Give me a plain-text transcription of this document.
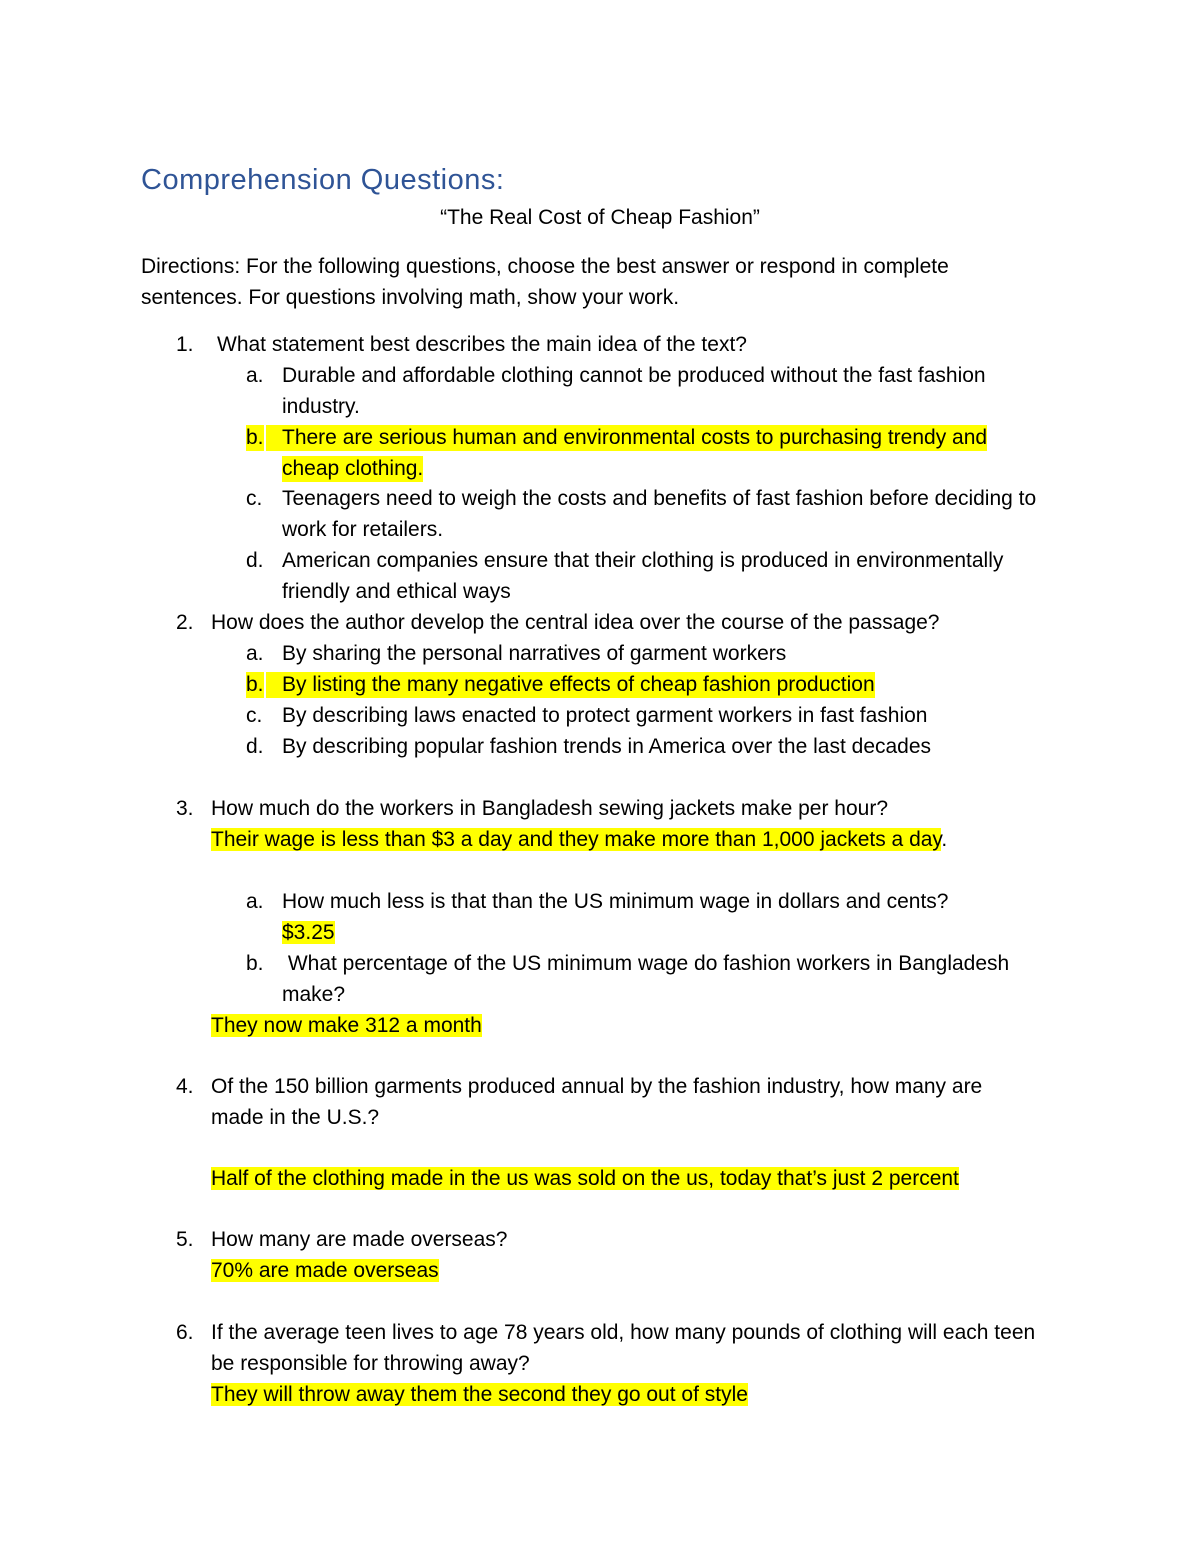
Comprehension Questions:
“The Real Cost of Cheap Fashion”
Directions: For the following questions, choose the best answer or respond in complete
sentences. For questions involving math, show your work.
1. What statement best describes the main idea of the text?
a. Durable and affordable clothing cannot be produced without the fast fashion
industry.
b. There are serious human and environmental costs to purchasing trendy and
cheap clothing.
c. Teenagers need to weigh the costs and benefits of fast fashion before deciding to
work for retailers.
d. American companies ensure that their clothing is produced in environmentally
friendly and ethical ways
2. How does the author develop the central idea over the course of the passage?
a. By sharing the personal narratives of garment workers
b. By listing the many negative effects of cheap fashion production
c. By describing laws enacted to protect garment workers in fast fashion
d. By describing popular fashion trends in America over the last decades
3. How much do the workers in Bangladesh sewing jackets make per hour?
Their wage is less than $3 a day and they make more than 1,000 jackets a day.
a. How much less is that than the US minimum wage in dollars and cents?
$3.25
b. What percentage of the US minimum wage do fashion workers in Bangladesh
make?
They now make 312 a month
4. Of the 150 billion garments produced annual by the fashion industry, how many are
made in the U.S.?
Half of the clothing made in the us was sold on the us, today that’s just 2 percent
5. How many are made overseas?
70% are made overseas
6. If the average teen lives to age 78 years old, how many pounds of clothing will each teen
be responsible for throwing away?
They will throw away them the second they go out of style
